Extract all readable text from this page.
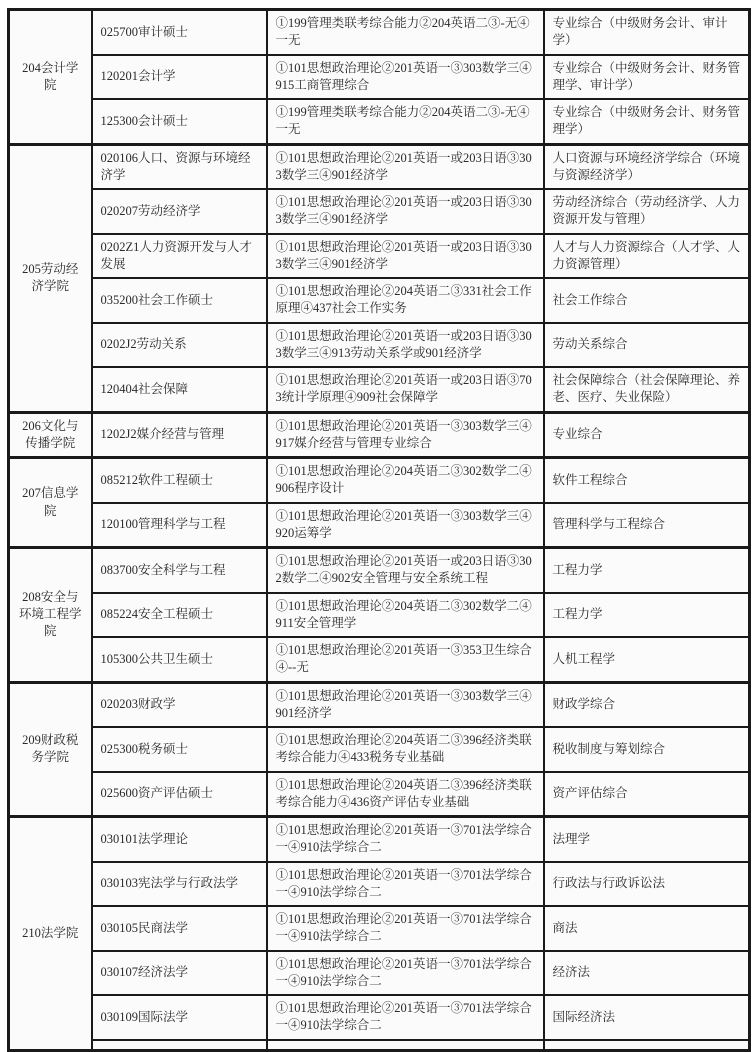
204会计学院	025700审计硕士	①199管理类联考综合能力②204英语二③-无④一无	专业综合（中级财务会计、审计学）
	120201会计学	①101思想政治理论②201英语一③303数学三④915工商管理综合	专业综合（中级财务会计、财务管理学、审计学）
	125300会计硕士	①199管理类联考综合能力②204英语二③-无④一无	专业综合（中级财务会计、财务管理学）
205劳动经济学院	020106人口、资源与环境经济学	①101思想政治理论②201英语一或203日语③303数学三④901经济学	人口资源与环境经济学综合（环境与资源经济学）
	020207劳动经济学	①101思想政治理论②201英语一或203日语③303数学三④901经济学	劳动经济综合（劳动经济学、人力资源开发与管理）
	0202Z1人力资源开发与人才发展	①101思想政治理论②201英语一或203日语③303数学三④901经济学	人才与人力资源综合（人才学、人力资源管理）
	035200社会工作硕士	①101思想政治理论②204英语二③331社会工作原理④437社会工作实务	社会工作综合
	0202J2劳动关系	①101思想政治理论②201英语一或203日语③303数学三④913劳动关系学或901经济学	劳动关系综合
	120404社会保障	①101思想政治理论②201英语一或203日语③703统计学原理④909社会保障学	社会保障综合（社会保障理论、养老、医疗、失业保险）
206文化与传播学院	1202J2媒介经营与管理	①101思想政治理论②201英语一③303数学三④917媒介经营与管理专业综合	专业综合
207信息学院	085212软件工程硕士	①101思想政治理论②204英语二③302数学二④906程序设计	软件工程综合
	120100管理科学与工程	①101思想政治理论②201英语一③303数学三④920运筹学	管理科学与工程综合
208安全与环境工程学院	083700安全科学与工程	①101思想政治理论②201英语一或203日语③302数学二④902安全管理与安全系统工程	工程力学
	085224安全工程硕士	①101思想政治理论②204英语二③302数学二④911安全管理学	工程力学
	105300公共卫生硕士	①101思想政治理论②201英语一③353卫生综合④--无	人机工程学
209财政税务学院	020203财政学	①101思想政治理论②201英语一③303数学三④901经济学	财政学综合
	025300税务硕士	①101思想政治理论②204英语二③396经济类联考综合能力④433税务专业基础	税收制度与筹划综合
	025600资产评估硕士	①101思想政治理论②204英语二③396经济类联考综合能力④436资产评估专业基础	资产评估综合
210法学院	030101法学理论	①101思想政治理论②201英语一③701法学综合一④910法学综合二	法理学
	030103宪法学与行政法学	①101思想政治理论②201英语一③701法学综合一④910法学综合二	行政法与行政诉讼法
	030105民商法学	①101思想政治理论②201英语一③701法学综合一④910法学综合二	商法
	030107经济法学	①101思想政治理论②201英语一③701法学综合一④910法学综合二	经济法
	030109国际法学	①101思想政治理论②201英语一③701法学综合一④910法学综合二	国际经济法
